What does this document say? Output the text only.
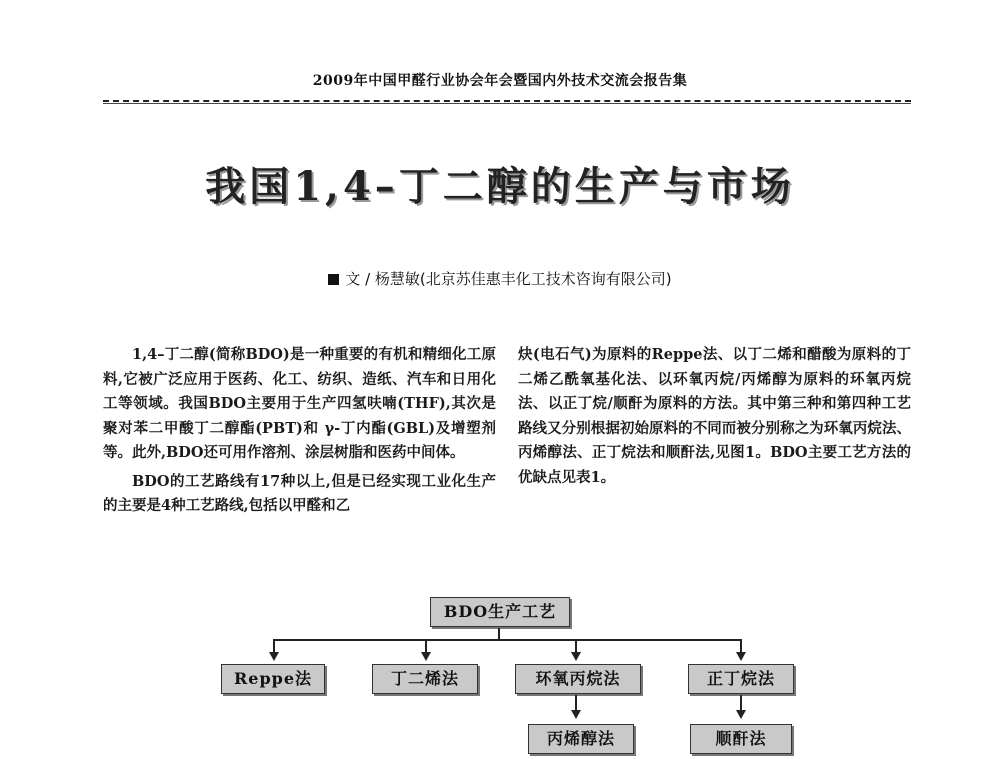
2009年中国甲醛行业协会年会暨国内外技术交流会报告集
我国1,4–丁二醇的生产与市场
文 / 杨慧敏(北京苏佳惠丰化工技术咨询有限公司)

1,4–丁二醇(简称BDO)是一种重要的有机和精细化工原料,它被广泛应用于医药、化工、纺织、造纸、汽车和日用化工等领域。我国BDO主要用于生产四氢呋喃(THF),其次是聚对苯二甲酸丁二醇酯(PBT)和 γ-丁内酯(GBL)及增塑剂等。此外,BDO还可用作溶剂、涂层树脂和医药中间体。

BDO的工艺路线有17种以上,但是已经实现工业化生产的主要是4种工艺路线,包括以甲醛和乙

炔(电石气)为原料的Reppe法、以丁二烯和醋酸为原料的丁二烯乙酰氧基化法、以环氧丙烷/丙烯醇为原料的环氧丙烷法、以正丁烷/顺酐为原料的方法。其中第三种和第四种工艺路线又分别根据初始原料的不同而被分别称之为环氧丙烷法、丙烯醇法、正丁烷法和顺酐法,见图1。BDO主要工艺方法的优缺点见表1。

BDO生产工艺
Reppe法	丁二烯法	环氧丙烷法	正丁烷法
丙烯醇法	顺酐法
